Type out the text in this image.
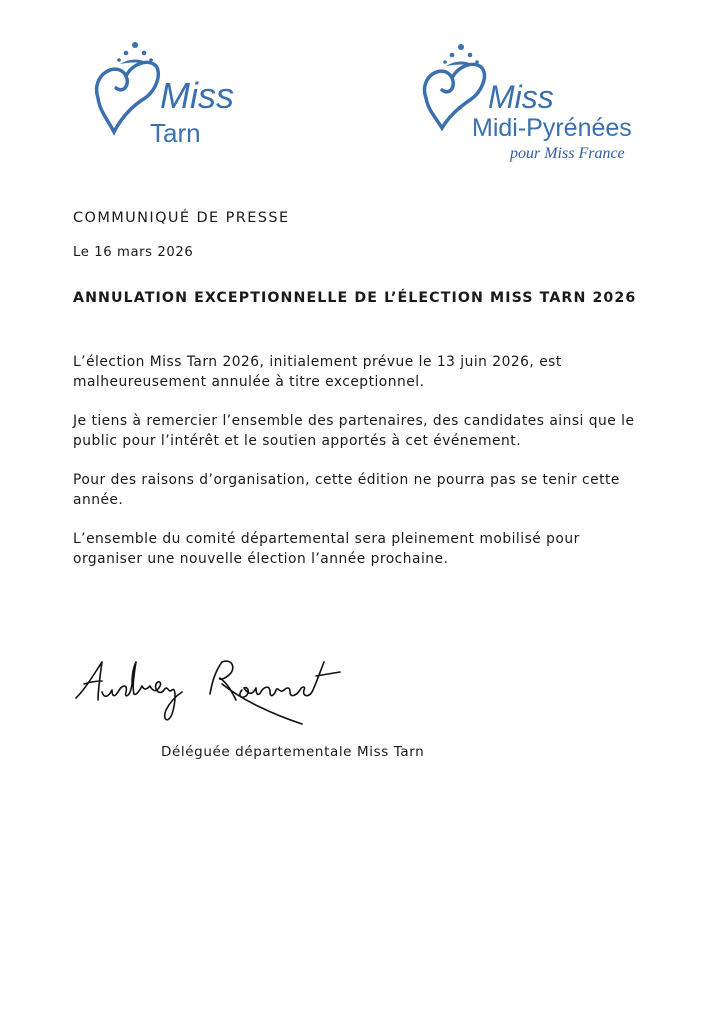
Miss
Tarn
Miss
Midi-Pyrénées
pour Miss France
COMMUNIQUÉ DE PRESSE

Le 16 mars 2026

ANNULATION EXCEPTIONNELLE DE L’ÉLECTION MISS TARN 2026

L’élection Miss Tarn 2026, initialement prévue le 13 juin 2026, est malheureusement annulée à titre exceptionnel.

Je tiens à remercier l’ensemble des partenaires, des candidates ainsi que le public pour l’intérêt et le soutien apportés à cet événement.

Pour des raisons d’organisation, cette édition ne pourra pas se tenir cette année.

L’ensemble du comité départemental sera pleinement mobilisé pour organiser une nouvelle élection l’année prochaine.

Déléguée départementale Miss Tarn
